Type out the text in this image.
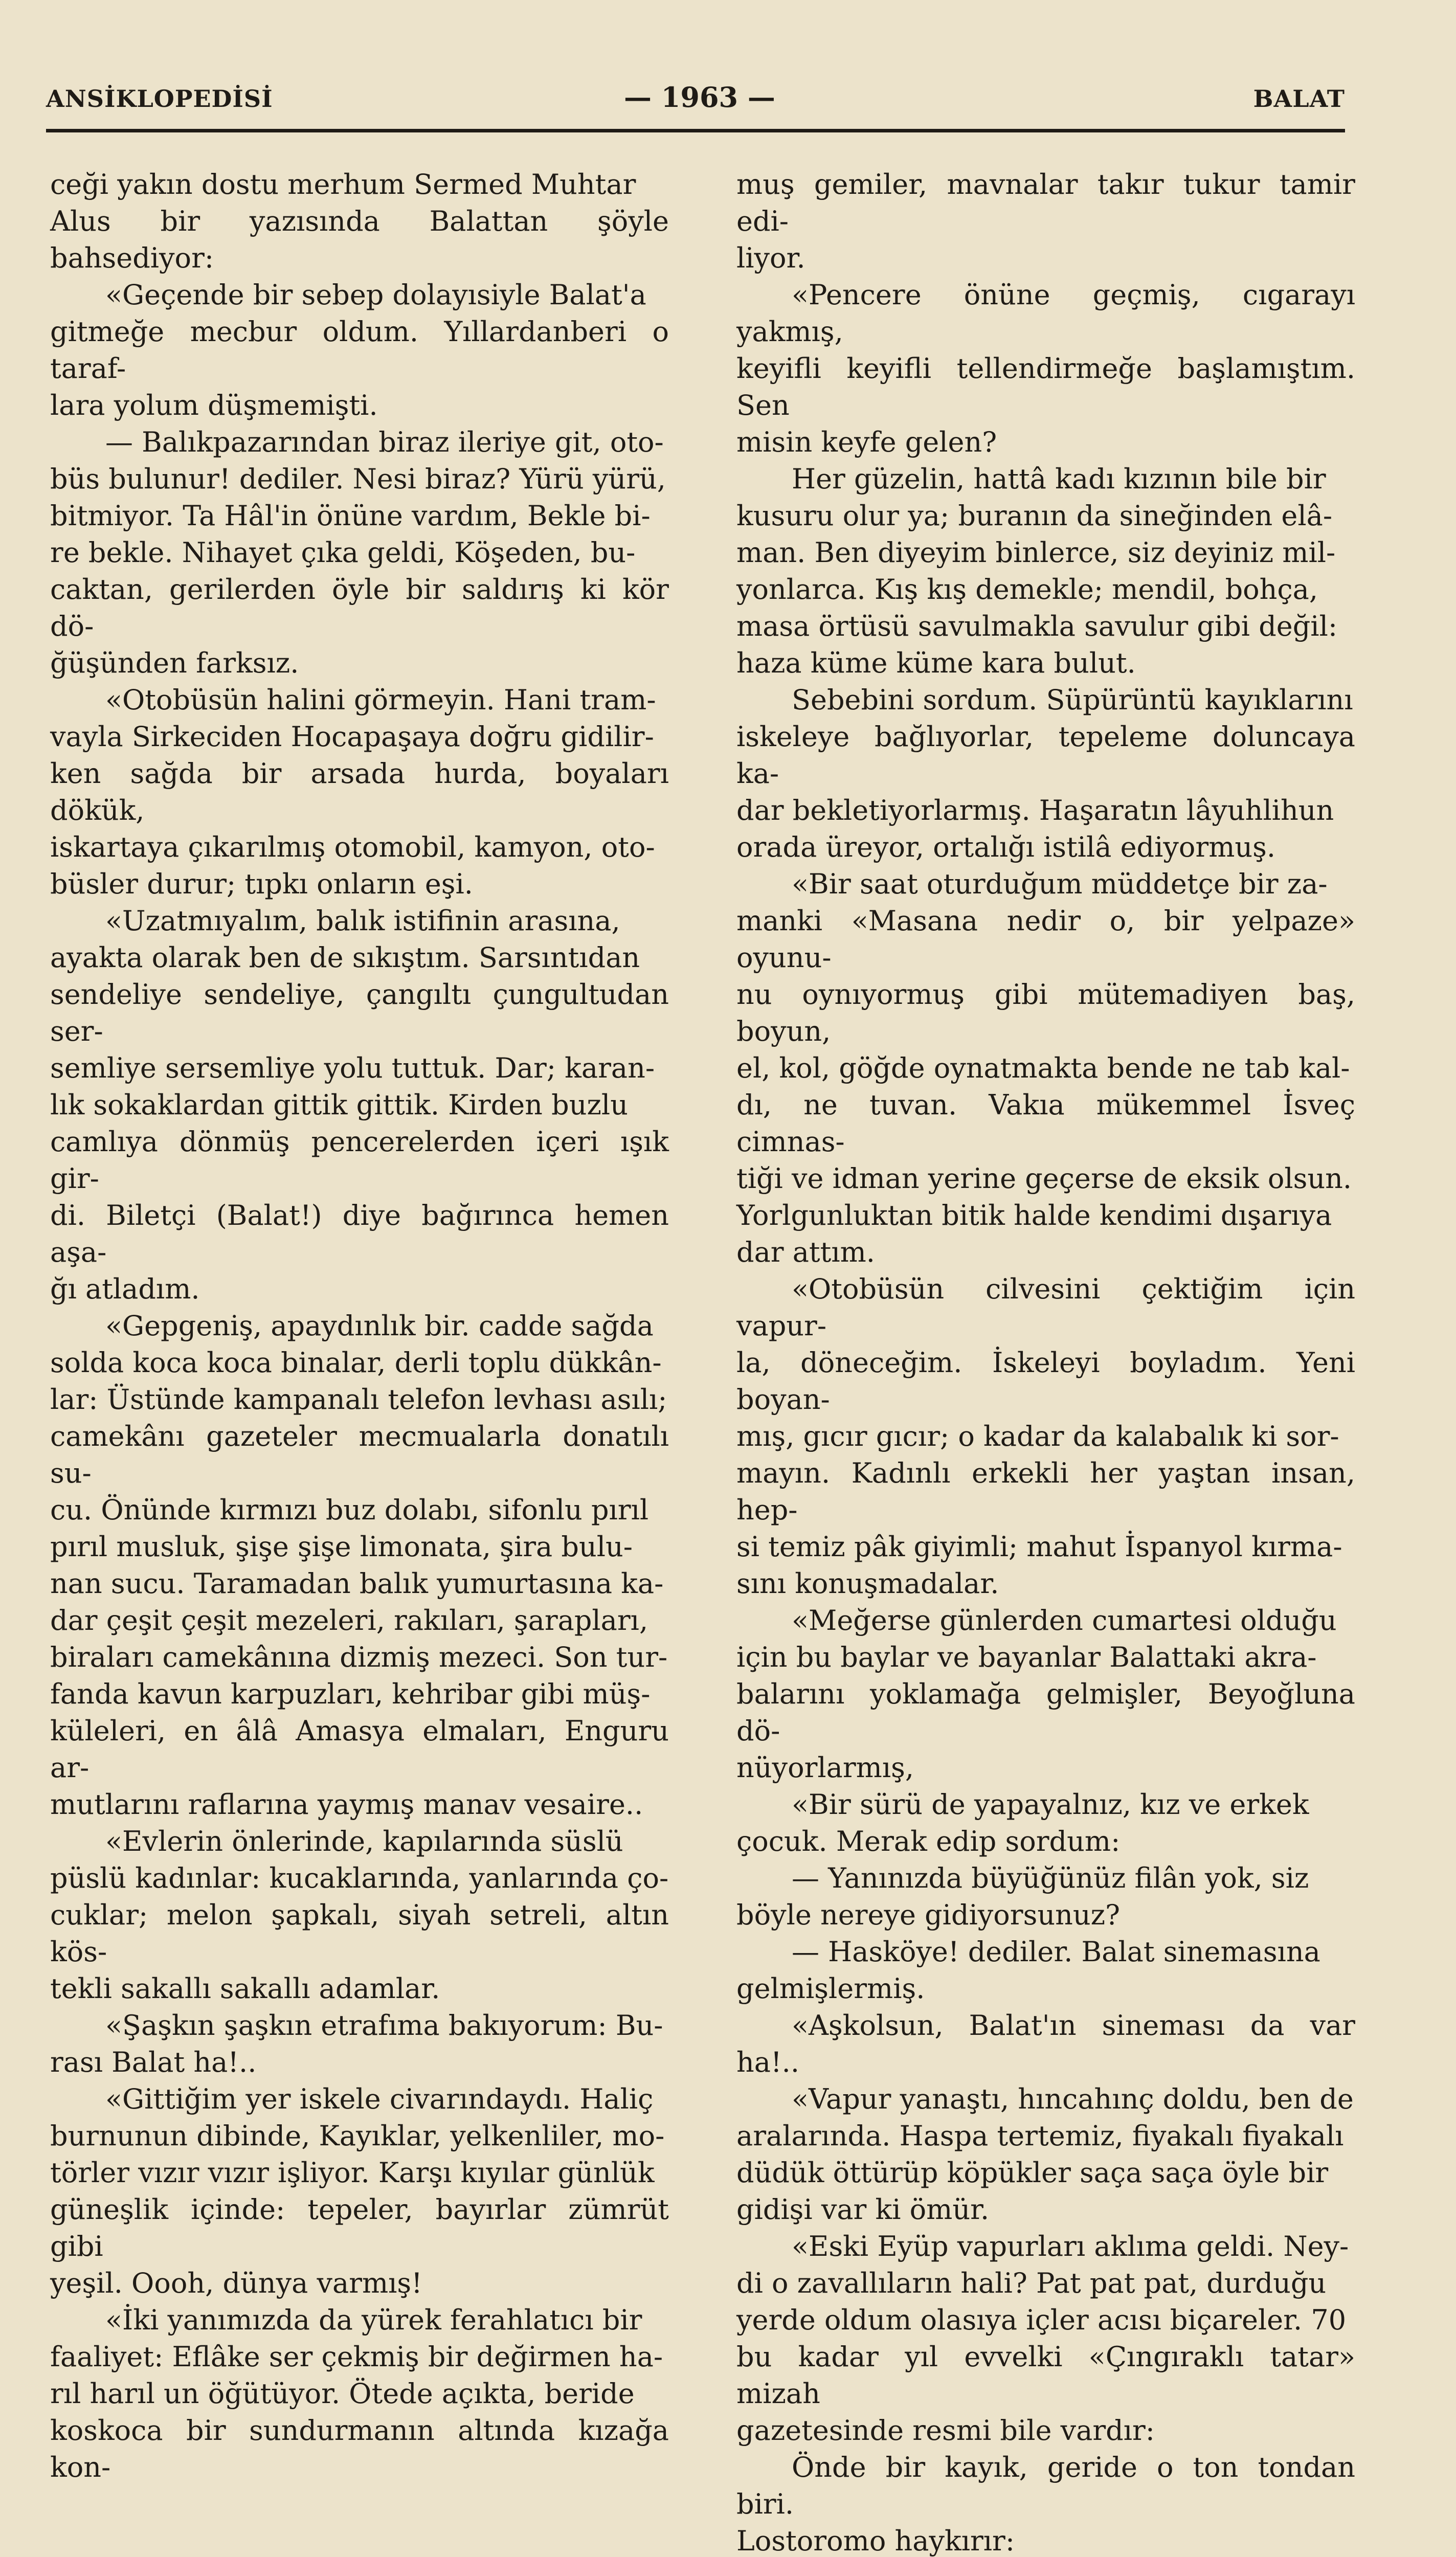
ANSİKLOPEDİSİ	— 1963 —	BALAT

ceği yakın dostu merhum Sermed Muhtar
Alus bir yazısında Balattan şöyle bahsediyor:

«Geçende bir sebep dolayısiyle Balat'a
gitmeğe mecbur oldum. Yıllardanberi o taraf-
lara yolum düşmemişti.

— Balıkpazarından biraz ileriye git, oto-
büs bulunur! dediler. Nesi biraz? Yürü yürü,
bitmiyor. Ta Hâl'in önüne vardım, Bekle bi-
re bekle. Nihayet çıka geldi, Köşeden, bu-
caktan, gerilerden öyle bir saldırış ki kör dö-
ğüşünden farksız.

«Otobüsün halini görmeyin. Hani tram-
vayla Sirkeciden Hocapaşaya doğru gidilir-
ken sağda bir arsada hurda, boyaları dökük,
iskartaya çıkarılmış otomobil, kamyon, oto-
büsler durur; tıpkı onların eşi.

«Uzatmıyalım, balık istifinin arasına,
ayakta olarak ben de sıkıştım. Sarsıntıdan
sendeliye sendeliye, çangıltı çungultudan ser-
semliye sersemliye yolu tuttuk. Dar; karan-
lık sokaklardan gittik gittik. Kirden buzlu
camlıya dönmüş pencerelerden içeri ışık gir-
di. Biletçi (Balat!) diye bağırınca hemen aşa-
ğı atladım.

«Gepgeniş, apaydınlık bir. cadde sağda
solda koca koca binalar, derli toplu dükkân-
lar: Üstünde kampanalı telefon levhası asılı;
camekânı gazeteler mecmualarla donatılı su-
cu. Önünde kırmızı buz dolabı, sifonlu pırıl
pırıl musluk, şişe şişe limonata, şira bulu-
nan sucu. Taramadan balık yumurtasına ka-
dar çeşit çeşit mezeleri, rakıları, şarapları,
biraları camekânına dizmiş mezeci. Son tur-
fanda kavun karpuzları, kehribar gibi müş-
küleleri, en âlâ Amasya elmaları, Enguru ar-
mutlarını raflarına yaymış manav vesaire..

«Evlerin önlerinde, kapılarında süslü
püslü kadınlar: kucaklarında, yanlarında ço-
cuklar; melon şapkalı, siyah setreli, altın kös-
tekli sakallı sakallı adamlar.

«Şaşkın şaşkın etrafıma bakıyorum: Bu-
rası Balat ha!..

«Gittiğim yer iskele civarındaydı. Haliç
burnunun dibinde, Kayıklar, yelkenliler, mo-
törler vızır vızır işliyor. Karşı kıyılar günlük
güneşlik içinde: tepeler, bayırlar zümrüt gibi
yeşil. Oooh, dünya varmış!

«İki yanımızda da yürek ferahlatıcı bir
faaliyet: Eflâke ser çekmiş bir değirmen ha-
rıl harıl un öğütüyor. Ötede açıkta, beride
koskoca bir sundurmanın altında kızağa kon-

muş gemiler, mavnalar takır tukur tamir edi-
liyor.

«Pencere önüne geçmiş, cıgarayı yakmış,
keyifli keyifli tellendirmeğe başlamıştım. Sen
misin keyfe gelen?

Her güzelin, hattâ kadı kızının bile bir
kusuru olur ya; buranın da sineğinden elâ-
man. Ben diyeyim binlerce, siz deyiniz mil-
yonlarca. Kış kış demekle; mendil, bohça,
masa örtüsü savulmakla savulur gibi değil:
haza küme küme kara bulut.

Sebebini sordum. Süpürüntü kayıklarını
iskeleye bağlıyorlar, tepeleme doluncaya ka-
dar bekletiyorlarmış. Haşaratın lâyuhlihun
orada üreyor, ortalığı istilâ ediyormuş.

«Bir saat oturduğum müddetçe bir za-
manki «Masana nedir o, bir yelpaze» oyunu-
nu oynıyormuş gibi mütemadiyen baş, boyun,
el, kol, göğde oynatmakta bende ne tab kal-
dı, ne tuvan. Vakıa mükemmel İsveç cimnas-
tiği ve idman yerine geçerse de eksik olsun.
Yorlgunluktan bitik halde kendimi dışarıya
dar attım.

«Otobüsün cilvesini çektiğim için vapur-
la, döneceğim. İskeleyi boyladım. Yeni boyan-
mış, gıcır gıcır; o kadar da kalabalık ki sor-
mayın. Kadınlı erkekli her yaştan insan, hep-
si temiz pâk giyimli; mahut İspanyol kırma-
sını konuşmadalar.

«Meğerse günlerden cumartesi olduğu
için bu baylar ve bayanlar Balattaki akra-
balarını yoklamağa gelmişler, Beyoğluna dö-
nüyorlarmış,

«Bir sürü de yapayalnız, kız ve erkek
çocuk. Merak edip sordum:

— Yanınızda büyüğünüz filân yok, siz
böyle nereye gidiyorsunuz?

— Hasköye! dediler. Balat sinemasına
gelmişlermiş.

«Aşkolsun, Balat'ın sineması da var ha!..

«Vapur yanaştı, hıncahınç doldu, ben de
aralarında. Haspa tertemiz, fiyakalı fiyakalı
düdük öttürüp köpükler saça saça öyle bir
gidişi var ki ömür.

«Eski Eyüp vapurları aklıma geldi. Ney-
di o zavallıların hali? Pat pat pat, durduğu
yerde oldum olasıya içler acısı biçareler. 70
bu kadar yıl evvelki «Çıngıraklı tatar» mizah
gazetesinde resmi bile vardır:

Önde bir kayık, geride o ton tondan biri.
Lostoromo haykırır:
